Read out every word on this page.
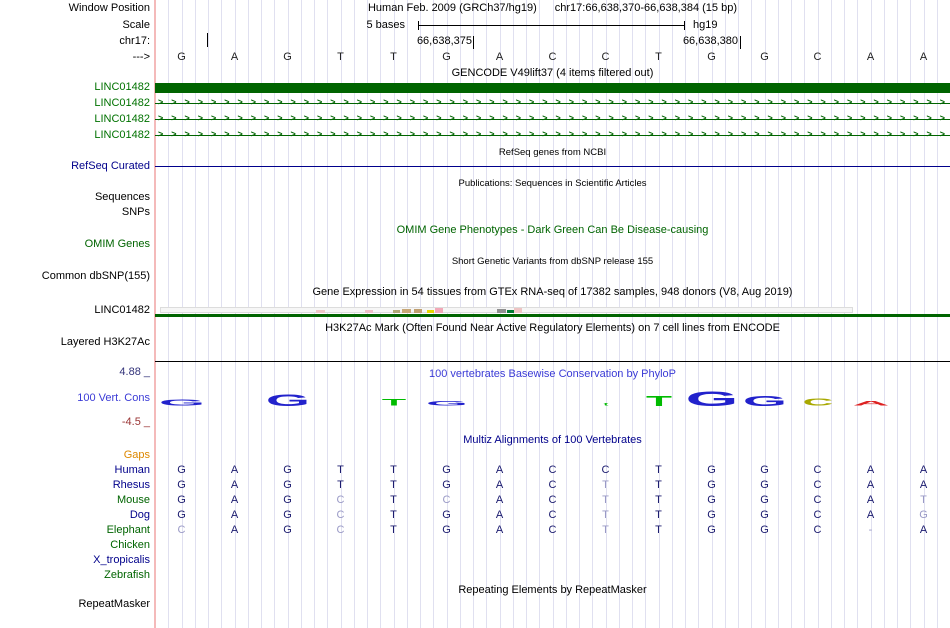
Window Position
Scale
chr17:
--->
Human Feb. 2009 (GRCh37/hg19) chr17:66,638,370-66,638,384 (15 bp)
5 bases	hg19
66,638,375	66,638,380
G	A	G	T	T	G	A	C	C	T	G	G	C	A	A
GENCODE V49lift37 (4 items filtered out)
LINC01482
LINC01482
LINC01482
LINC01482
> > > > > > > > > > > > > > > > > > > > > > > > > > > > > > > > > > > > > > > > > > > > > > > > > > > > > > > > > > > >
> > > > > > > > > > > > > > > > > > > > > > > > > > > > > > > > > > > > > > > > > > > > > > > > > > > > > > > > > > > >
> > > > > > > > > > > > > > > > > > > > > > > > > > > > > > > > > > > > > > > > > > > > > > > > > > > > > > > > > > > >
RefSeq genes from NCBI
RefSeq Curated
Publications: Sequences in Scientific Articles
Sequences
SNPs
OMIM Gene Phenotypes - Dark Green Can Be Disease-causing
OMIM Genes
Short Genetic Variants from dbSNP release 155
Common dbSNP(155)
Gene Expression in 54 tissues from GTEx RNA-seq of 17382 samples, 948 donors (V8, Aug 2019)
LINC01482
H3K27Ac Mark (Often Found Near Active Regulatory Elements) on 7 cell lines from ENCODE
Layered H3K27Ac
100 vertebrates Basewise Conservation by PhyloP
4.88 _
100 Vert. Cons
-4.5 _
G	G	T	G	t	T G G C	A
Multiz Alignments of 100 Vertebrates
Gaps
Human	G	A	G	T	T	G	A	C	C	T	G	G	C	A	A
Rhesus	G	A	G	T	T	G	A	C	T	T	G	G	C	A	A
Mouse	G	A	G	C	T	C	A	C	T	T	G	G	C	A	T
Dog	G	A	G	C	T	G	A	C	T	T	G	G	C	A	G
Elephant	C	A	G	C	T	G	A	C	T	T	G	G	C	-	A
Chicken
X_tropicalis
Zebrafish
Repeating Elements by RepeatMasker
RepeatMasker
